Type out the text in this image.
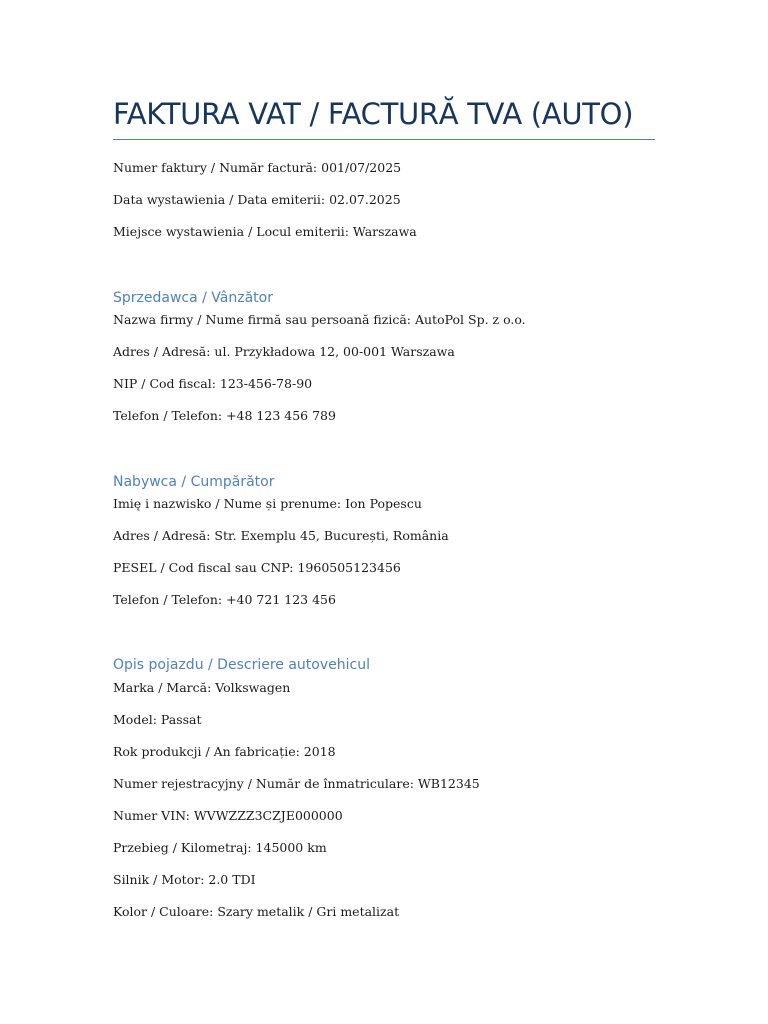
FAKTURA VAT / FACTURĂ TVA (AUTO)

Numer faktury / Număr factură: 001/07/2025

Data wystawienia / Data emiterii: 02.07.2025

Miejsce wystawienia / Locul emiterii: Warszawa

Sprzedawca / Vânzător

Nazwa firmy / Nume firmă sau persoană fizică: AutoPol Sp. z o.o.

Adres / Adresă: ul. Przykładowa 12, 00-001 Warszawa

NIP / Cod fiscal: 123-456-78-90

Telefon / Telefon: +48 123 456 789

Nabywca / Cumpărător

Imię i nazwisko / Nume și prenume: Ion Popescu

Adres / Adresă: Str. Exemplu 45, București, România

PESEL / Cod fiscal sau CNP: 1960505123456

Telefon / Telefon: +40 721 123 456

Opis pojazdu / Descriere autovehicul

Marka / Marcă: Volkswagen

Model: Passat

Rok produkcji / An fabricație: 2018

Numer rejestracyjny / Număr de înmatriculare: WB12345

Numer VIN: WVWZZZ3CZJE000000

Przebieg / Kilometraj: 145000 km

Silnik / Motor: 2.0 TDI

Kolor / Culoare: Szary metalik / Gri metalizat
